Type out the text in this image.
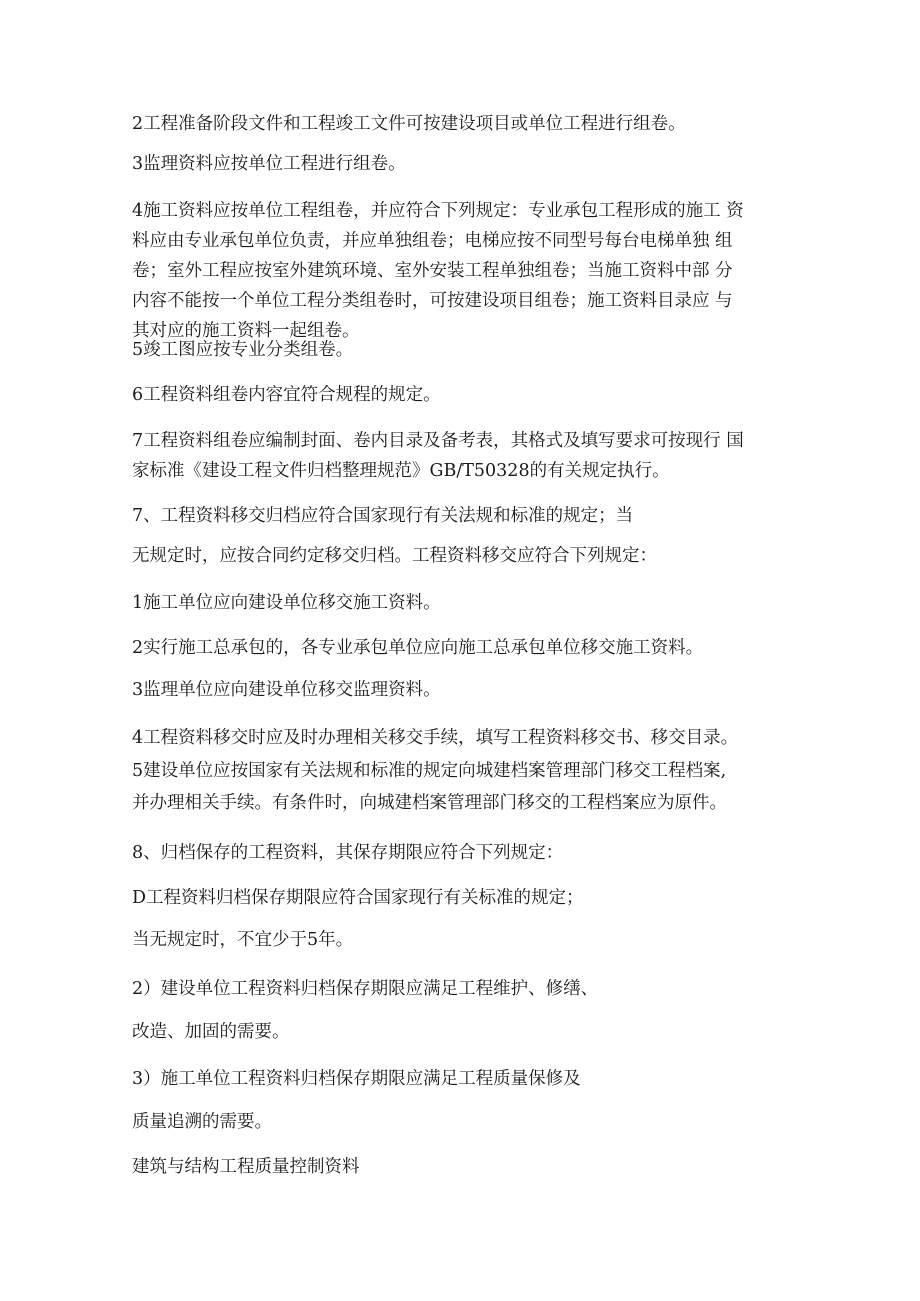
2工程准备阶段文件和工程竣工文件可按建设项目或单位工程进行组卷。

3监理资料应按单位工程进行组卷。

4施工资料应按单位工程组卷，并应符合下列规定：专业承包工程形成的施工 资
料应由专业承包单位负责，并应单独组卷；电梯应按不同型号每台电梯单独 组
卷；室外工程应按室外建筑环境、室外安装工程单独组卷；当施工资料中部 分
内容不能按一个单位工程分类组卷时，可按建设项目组卷；施工资料目录应 与
其对应的施工资料一起组卷。

5竣工图应按专业分类组卷。

6工程资料组卷内容宜符合规程的规定。

7工程资料组卷应编制封面、卷内目录及备考表，其格式及填写要求可按现行 国
家标准《建设工程文件归档整理规范》GB/T50328的有关规定执行。

7、工程资料移交归档应符合国家现行有关法规和标准的规定；当

无规定时，应按合同约定移交归档。工程资料移交应符合下列规定：

1施工单位应向建设单位移交施工资料。

2实行施工总承包的，各专业承包单位应向施工总承包单位移交施工资料。

3监理单位应向建设单位移交监理资料。

4工程资料移交时应及时办理相关移交手续，填写工程资料移交书、移交目录。

5建设单位应按国家有关法规和标准的规定向城建档案管理部门移交工程档案,

并办理相关手续。有条件时，向城建档案管理部门移交的工程档案应为原件。

8、归档保存的工程资料，其保存期限应符合下列规定：

D工程资料归档保存期限应符合国家现行有关标准的规定；

当无规定时，不宜少于5年。

2）建设单位工程资料归档保存期限应满足工程维护、修缮、

改造、加固的需要。

3）施工单位工程资料归档保存期限应满足工程质量保修及

质量追溯的需要。

建筑与结构工程质量控制资料
